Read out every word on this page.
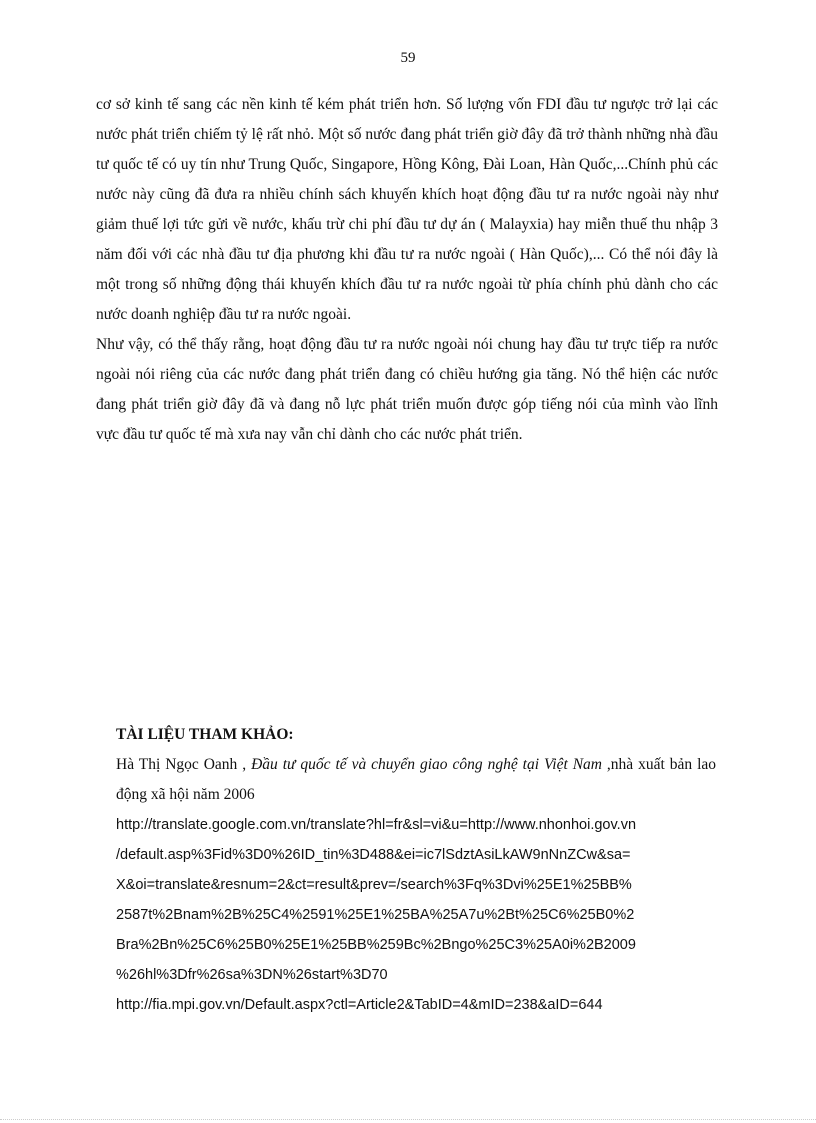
59

cơ sở kinh tế sang các nền kinh tế kém phát triển hơn. Số lượng vốn FDI đầu tư ngược trở lại các nước phát triển chiếm tỷ lệ rất nhỏ. Một số nước đang phát triển giờ đây đã trở thành những nhà đầu tư quốc tế có uy tín như Trung Quốc, Singapore, Hồng Kông, Đài Loan, Hàn Quốc,...Chính phủ các nước này cũng đã đưa ra nhiều chính sách khuyến khích hoạt động đầu tư ra nước ngoài này như giảm thuế lợi tức gửi về nước, khấu trừ chi phí đầu tư dự án ( Malayxia) hay miễn thuế thu nhập 3 năm đối với các nhà đầu tư địa phương khi đầu tư ra nước ngoài ( Hàn Quốc),... Có thể nói đây là một trong số những động thái khuyến khích đầu tư ra nước ngoài từ phía chính phủ dành cho các nước doanh nghiệp đầu tư ra nước ngoài.

Như vậy, có thể thấy rằng, hoạt động đầu tư ra nước ngoài nói chung hay đầu tư trực tiếp ra nước ngoài nói riêng của các nước đang phát triển đang có chiều hướng gia tăng. Nó thể hiện các nước đang phát triển giờ đây đã và đang nỗ lực phát triển muốn được góp tiếng nói của mình vào lĩnh vực đầu tư quốc tế mà xưa nay vẫn chỉ dành cho các nước phát triển.

TÀI LIỆU THAM KHẢO:

Hà Thị Ngọc Oanh , Đầu tư quốc tế và chuyển giao công nghệ tại Việt Nam ,nhà xuất bản lao động xã hội năm 2006

http://translate.google.com.vn/translate?hl=fr&sl=vi&u=http://www.nhonhoi.gov.vn
/default.asp%3Fid%3D0%26ID_tin%3D488&ei=ic7lSdztAsiLkAW9nNnZCw&sa=
X&oi=translate&resnum=2&ct=result&prev=/search%3Fq%3Dvi%25E1%25BB%
2587t%2Bnam%2B%25C4%2591%25E1%25BA%25A7u%2Bt%25C6%25B0%2
Bra%2Bn%25C6%25B0%25E1%25BB%259Bc%2Bngo%25C3%25A0i%2B2009
%26hl%3Dfr%26sa%3DN%26start%3D70

http://fia.mpi.gov.vn/Default.aspx?ctl=Article2&TabID=4&mID=238&aID=644
